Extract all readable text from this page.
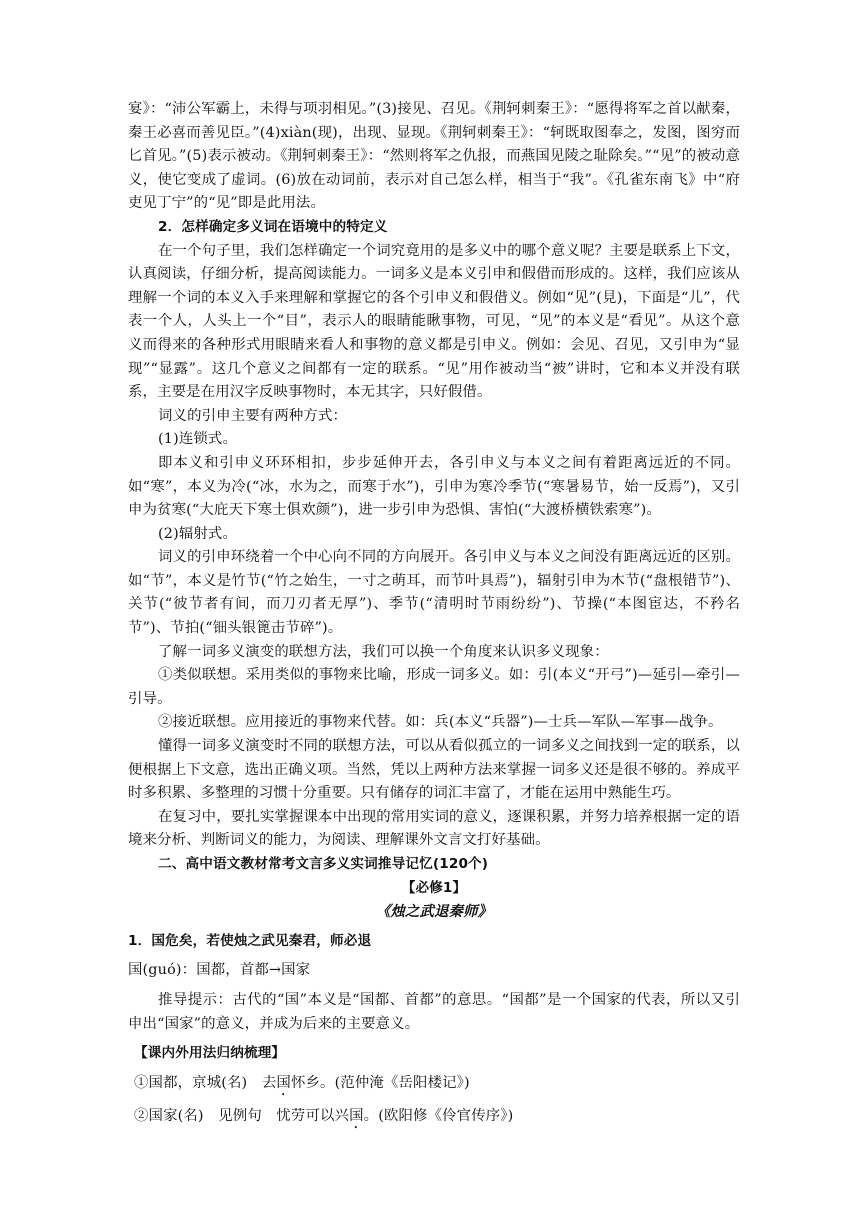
宴》：“沛公军霸上，未得与项羽相见。”(3)接见、召见。《荆轲刺秦王》：“愿得将军之首以献秦，秦王必喜而善见臣。”(4)xiàn(现)，出现、显现。《荆轲刺秦王》：“轲既取图奉之，发图，图穷而匕首见。”(5)表示被动。《荆轲刺秦王》：“然则将军之仇报，而燕国见陵之耻除矣。”“见”的被动意义，使它变成了虚词。(6)放在动词前，表示对自己怎么样，相当于“我”。《孔雀东南飞》中“府吏见丁宁”的“见”即是此用法。

2．怎样确定多义词在语境中的特定义

在一个句子里，我们怎样确定一个词究竟用的是多义中的哪个意义呢？主要是联系上下文，认真阅读，仔细分析，提高阅读能力。一词多义是本义引申和假借而形成的。这样，我们应该从理解一个词的本义入手来理解和掌握它的各个引申义和假借义。例如“见”(見)，下面是“儿”，代表一个人，人头上一个“目”，表示人的眼睛能瞅事物，可见，“见”的本义是“看见”。从这个意义而得来的各种形式用眼睛来看人和事物的意义都是引申义。例如：会见、召见，又引申为“显现”“显露”。这几个意义之间都有一定的联系。“见”用作被动当“被”讲时，它和本义并没有联系，主要是在用汉字反映事物时，本无其字，只好假借。

词义的引申主要有两种方式：

(1)连锁式。

即本义和引申义环环相扣，步步延伸开去，各引申义与本义之间有着距离远近的不同。如“寒”，本义为冷(“冰，水为之，而寒于水”)，引申为寒冷季节(“寒暑易节，始一反焉”)，又引申为贫寒(“大庇天下寒士俱欢颜”)，进一步引申为恐惧、害怕(“大渡桥横铁索寒”)。

(2)辐射式。

词义的引申环绕着一个中心向不同的方向展开。各引申义与本义之间没有距离远近的区别。如“节”，本义是竹节(“竹之始生，一寸之萌耳，而节叶具焉”)，辐射引申为木节(“盘根错节”)、关节(“彼节者有间，而刀刃者无厚”)、季节(“清明时节雨纷纷”)、节操(“本图宦达，不矜名节”)、节拍(“钿头银篦击节碎”)。

了解一词多义演变的联想方法，我们可以换一个角度来认识多义现象：

①类似联想。采用类似的事物来比喻，形成一词多义。如：引(本义“开弓”)—延引—牵引—引导。

②接近联想。应用接近的事物来代替。如：兵(本义“兵器”)—士兵—军队—军事—战争。

懂得一词多义演变时不同的联想方法，可以从看似孤立的一词多义之间找到一定的联系，以便根据上下文意，选出正确义项。当然，凭以上两种方法来掌握一词多义还是很不够的。养成平时多积累、多整理的习惯十分重要。只有储存的词汇丰富了，才能在运用中熟能生巧。

在复习中，要扎实掌握课本中出现的常用实词的意义，逐课积累，并努力培养根据一定的语境来分析、判断词义的能力，为阅读、理解课外文言文打好基础。

二、高中语文教材常考文言多义实词推导记忆(120个)

【必修1】

《烛之武退秦师》

1．国危矣，若使烛之武见秦君，师必退

国(guó)：国都，首都→国家

推导提示：古代的“国”本义是“国都、首都”的意思。“国都”是一个国家的代表，所以又引申出“国家”的意义，并成为后来的主要意义。

【课内外用法归纳梳理】

①国都，京城(名)　去国怀乡。(范仲淹《岳阳楼记》)

②国家(名)　见例句　忧劳可以兴国。(欧阳修《伶官传序》)
